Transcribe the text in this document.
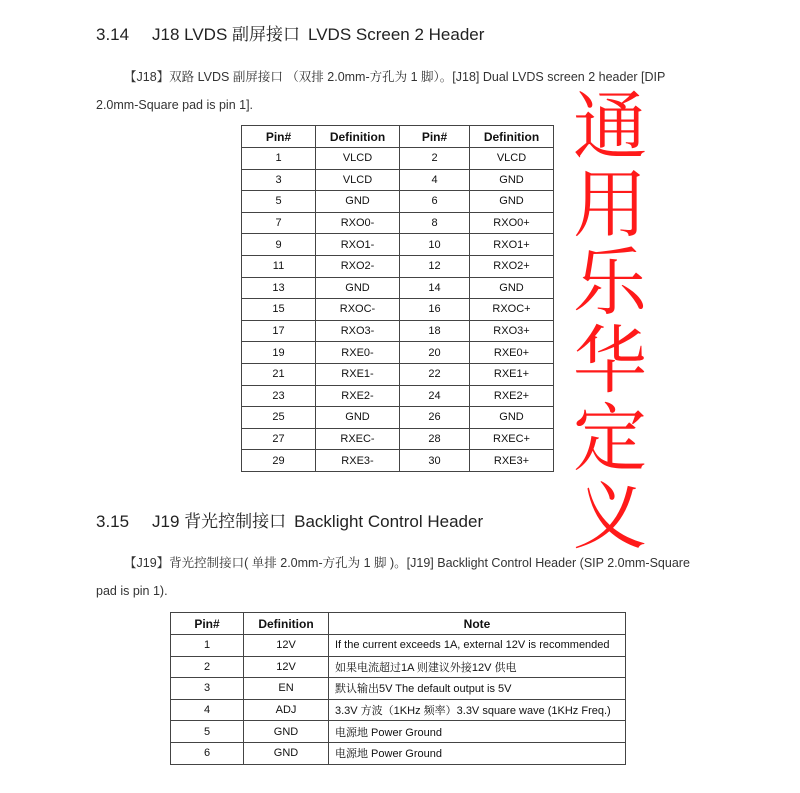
3.14 J18 LVDS 副屏接口 LVDS Screen 2 Header
【J18】双路 LVDS 副屏接口 （双排 2.0mm-方孔为 1 脚）。[J18] Dual LVDS screen 2 header [DIP 2.0mm-Square pad is pin 1].
Pin#	Definition	Pin#	Definition
1	VLCD	2	VLCD
3	VLCD	4	GND
5	GND	6	GND
7	RXO0-	8	RXO0+
9	RXO1-	10	RXO1+
11	RXO2-	12	RXO2+
13	GND	14	GND
15	RXOC-	16	RXOC+
17	RXO3-	18	RXO3+
19	RXE0-	20	RXE0+
21	RXE1-	22	RXE1+
23	RXE2-	24	RXE2+
25	GND	26	GND
27	RXEC-	28	RXEC+
29	RXE3-	30	RXE3+
3.15 J19 背光控制接口 Backlight Control Header
【J19】背光控制接口( 单排 2.0mm-方孔为 1 脚 )。[J19] Backlight Control Header (SIP 2.0mm-Square pad is pin 1).
Pin#	Definition	Note
1	12V	If the current exceeds 1A, external 12V is recommended
2	12V	如果电流超过1A 则建议外接12V 供电
3	EN	默认输出5V The default output is 5V
4	ADJ	3.3V 方波（1KHz 频率）3.3V square wave (1KHz Freq.)
5	GND	电源地 Power Ground
6	GND	电源地 Power Ground
通
用
乐
华
定
义
